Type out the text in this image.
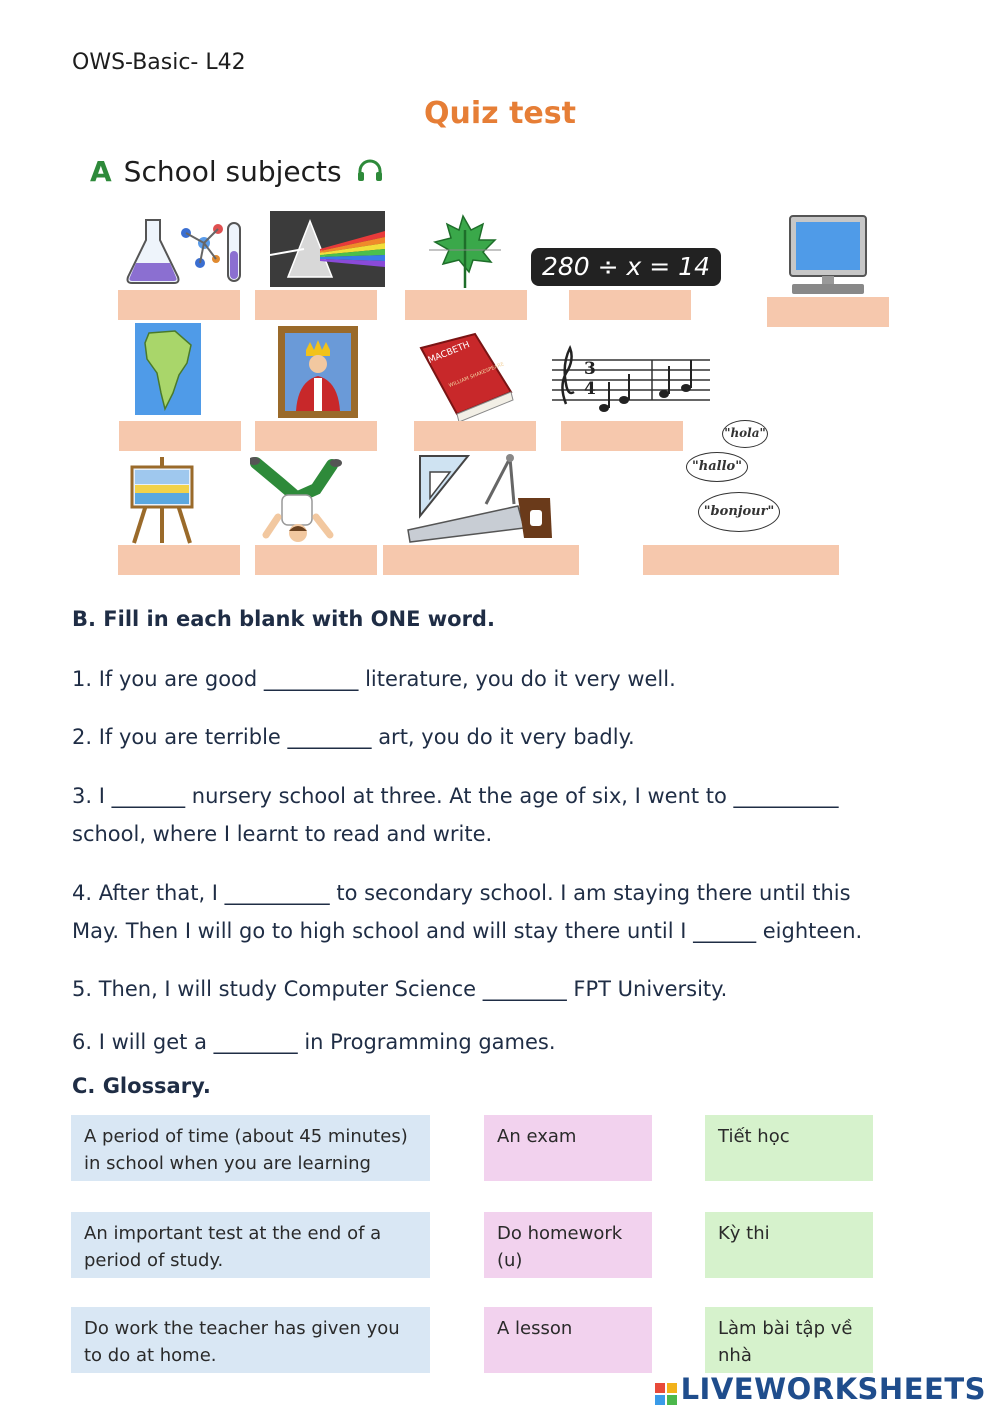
OWS-Basic- L42
Quiz test
A School subjects
280 ÷ x = 14
MACBETH
WILLIAM SHAKESPEARE	3
4
"hola"
"hallo"
"bonjour"
B. Fill in each blank with ONE word.
1. If you are good _________ literature, you do it very well.
2. If you are terrible ________ art, you do it very badly.
3. I _______ nursery school at three. At the age of six, I went to __________ school, where I learnt to read and write.
4. After that, I __________ to secondary school. I am staying there until this May. Then I will go to high school and will stay there until I ______ eighteen.
5. Then, I will study Computer Science ________ FPT University.
6. I will get a ________ in Programming games.
C. Glossary.
A period of time (about 45 minutes) in school when you are learning
An important test at the end of a period of study.
Do work the teacher has given you to do at home.
An exam
Do homework (u)
A lesson
Tiết học
Kỳ thi
Làm bài tập về nhà
LIVEWORKSHEETS
